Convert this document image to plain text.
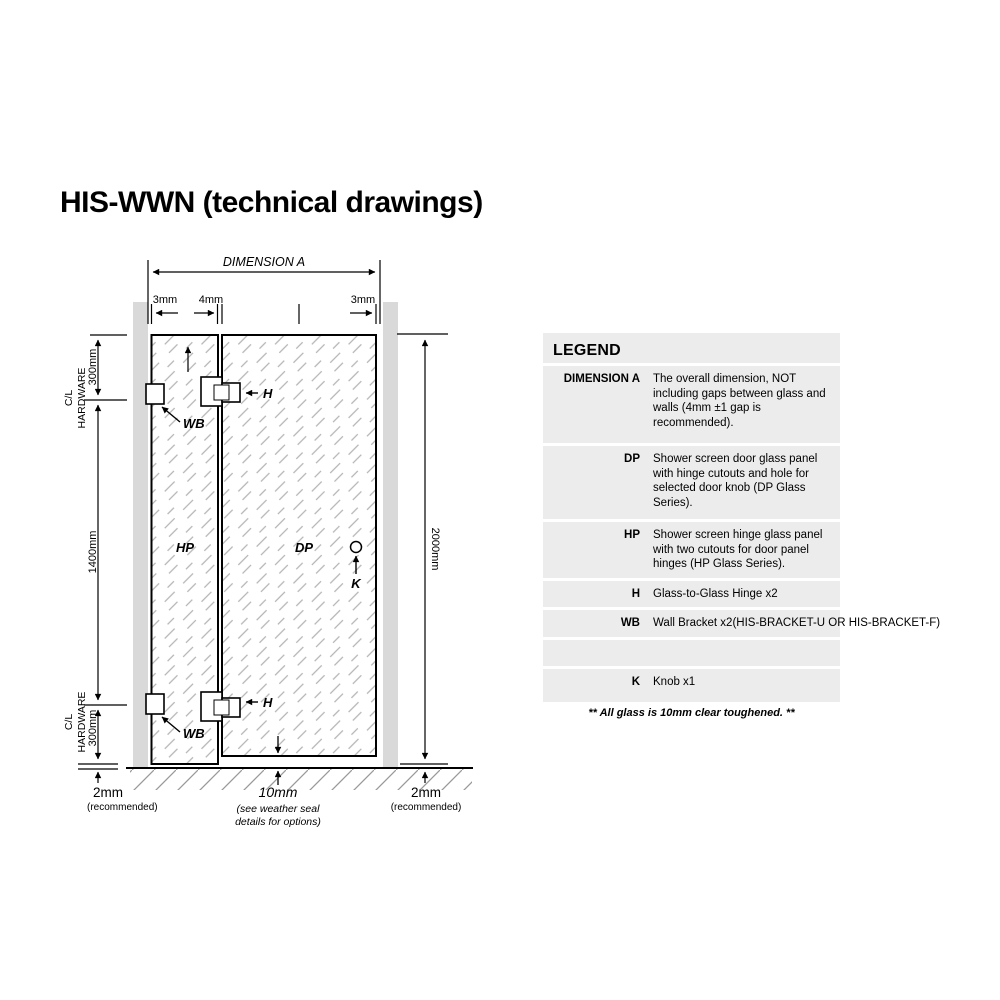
HIS-WWN (technical drawings)
DIMENSION A
3mm 4mm	3mm
300mm
C/L HARDWARE
1400mm
C/L HARDWARE 300mm
2000mm
WB
H
WB
H
HP	DP
K
2mm
(recommended)
10mm
(see weather seal
details for options)
2mm
(recommended)
LEGEND
DIMENSION A The overall dimension, NOT including gaps between glass and walls (4mm ±1 gap is recommended).
DP Shower screen door glass panel with hinge cutouts and hole for selected door knob (DP Glass Series).
HP Shower screen hinge glass panel with two cutouts for door panel hinges (HP Glass Series).
H Glass-to-Glass Hinge x2
WB Wall Bracket x2(HIS-BRACKET-U OR HIS-BRACKET-F)
K Knob x1
** All glass is 10mm clear toughened. **
